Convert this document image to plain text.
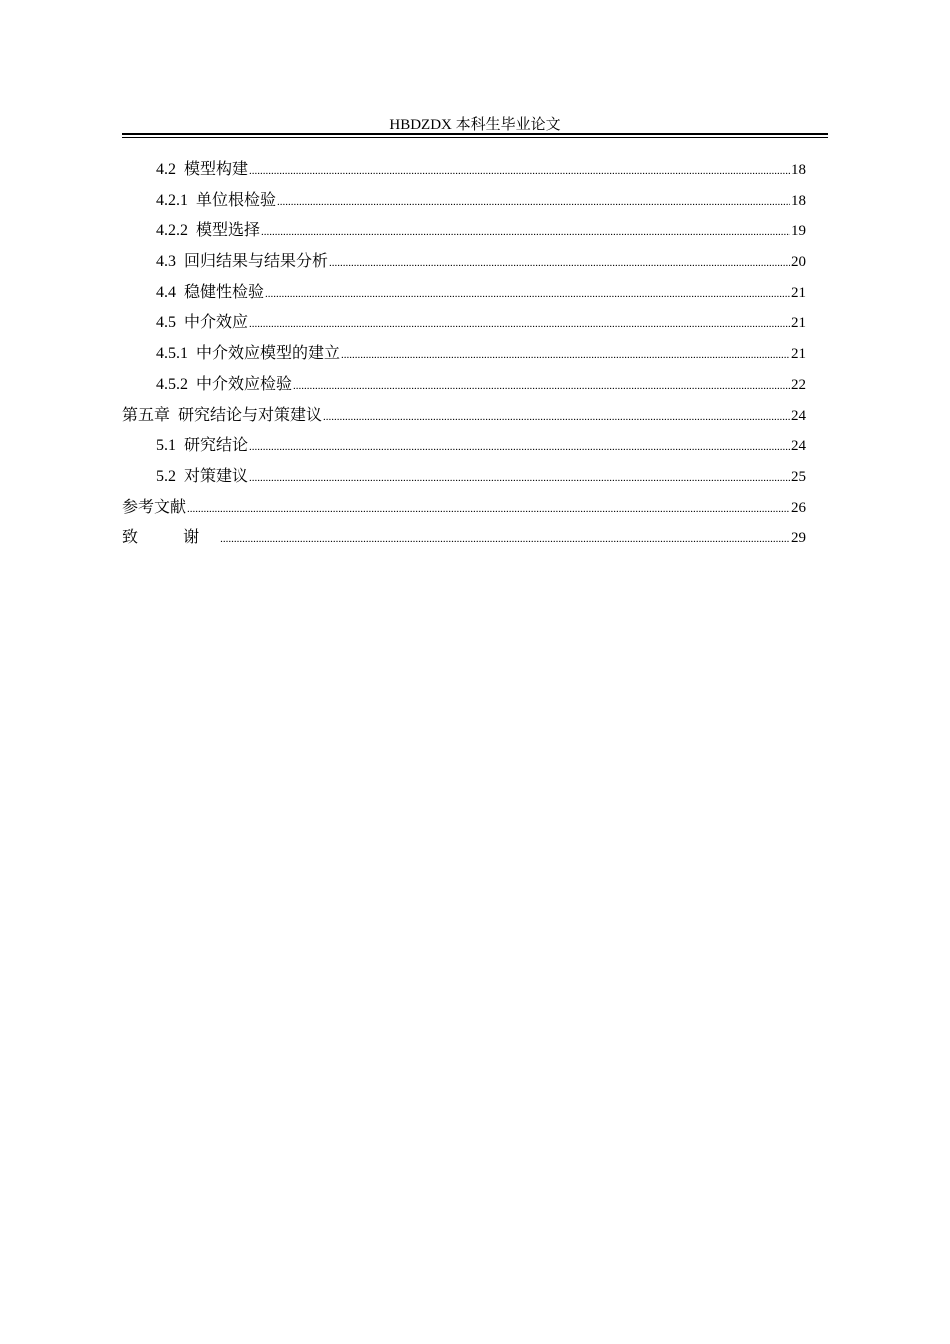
HBDZDX 本科生毕业论文
4.2 模型构建 .....	18
4.2.1 单位根检验 .....	18
4.2.2 模型选择 .....	19
4.3 回归结果与结果分析 .....	20
4.4 稳健性检验 .....	21
4.5 中介效应 .....	21
4.5.1 中介效应模型的建立 .....	21
4.5.2 中介效应检验 .....	22
第五章 研究结论与对策建议 .....	24
5.1 研究结论 .....	24
5.2 对策建议 .....	25
参考文献 .....	26
致 谢 .....	29
